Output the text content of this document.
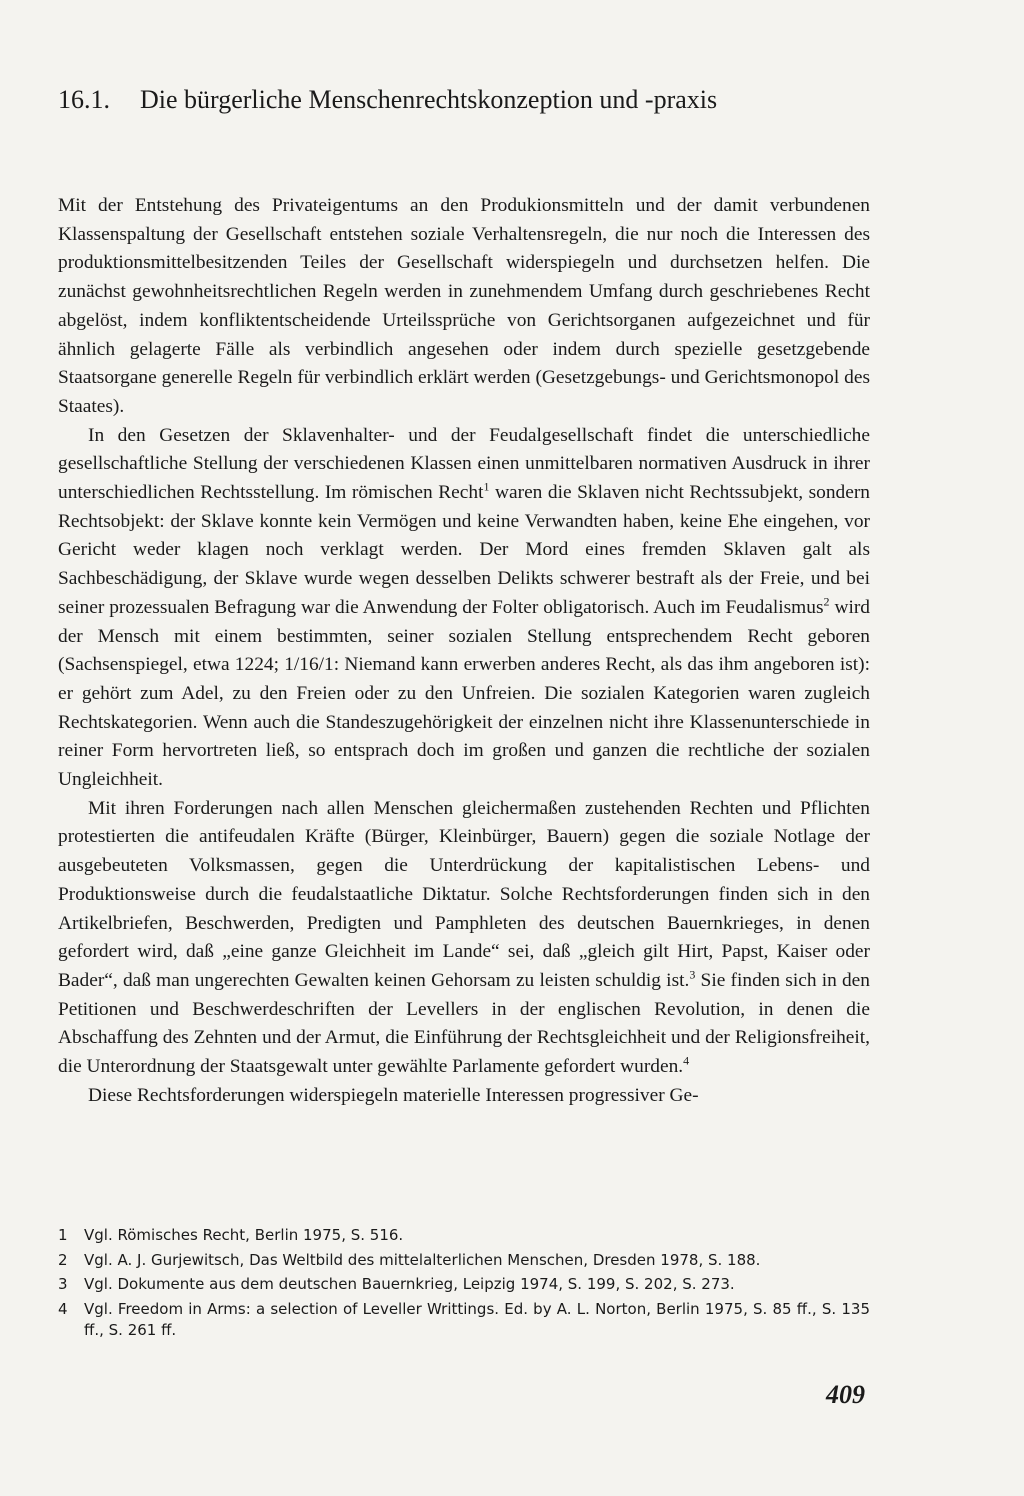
16.1. Die bürgerliche Menschenrechtskonzeption und -praxis

Mit der Entstehung des Privateigentums an den Produkionsmitteln und der damit verbundenen Klassenspaltung der Gesellschaft entstehen soziale Verhaltensregeln, die nur noch die Interessen des produktionsmittelbesitzenden Teiles der Gesellschaft widerspiegeln und durchsetzen helfen. Die zunächst gewohnheitsrechtlichen Regeln werden in zunehmendem Umfang durch geschriebenes Recht abgelöst, indem konfliktentscheidende Urteilssprüche von Gerichtsorganen aufgezeichnet und für ähnlich gelagerte Fälle als verbindlich angesehen oder indem durch spezielle gesetzgebende Staatsorgane generelle Regeln für verbindlich erklärt werden (Gesetzgebungs- und Gerichtsmonopol des Staates).

In den Gesetzen der Sklavenhalter- und der Feudalgesellschaft findet die unterschiedliche gesellschaftliche Stellung der verschiedenen Klassen einen unmittelbaren normativen Ausdruck in ihrer unterschiedlichen Rechtsstellung. Im römischen Recht$^1$ waren die Sklaven nicht Rechtssubjekt, sondern Rechtsobjekt: der Sklave konnte kein Vermögen und keine Verwandten haben, keine Ehe eingehen, vor Gericht weder klagen noch verklagt werden. Der Mord eines fremden Sklaven galt als Sachbeschädigung, der Sklave wurde wegen desselben Delikts schwerer bestraft als der Freie, und bei seiner prozessualen Befragung war die Anwendung der Folter obligatorisch. Auch im Feudalismus$^2$ wird der Mensch mit einem bestimmten, seiner sozialen Stellung entsprechendem Recht geboren (Sachsenspiegel, etwa 1224; 1/16/1: Niemand kann erwerben anderes Recht, als das ihm angeboren ist): er gehört zum Adel, zu den Freien oder zu den Unfreien. Die sozialen Kategorien waren zugleich Rechtskategorien. Wenn auch die Standeszugehörigkeit der einzelnen nicht ihre Klassenunterschiede in reiner Form hervortreten ließ, so entsprach doch im großen und ganzen die rechtliche der sozialen Ungleichheit.

Mit ihren Forderungen nach allen Menschen gleichermaßen zustehenden Rechten und Pflichten protestierten die antifeudalen Kräfte (Bürger, Kleinbürger, Bauern) gegen die soziale Notlage der ausgebeuteten Volksmassen, gegen die Unterdrückung der kapitalistischen Lebens- und Produktionsweise durch die feudalstaatliche Diktatur. Solche Rechtsforderungen finden sich in den Artikelbriefen, Beschwerden, Predigten und Pamphleten des deutschen Bauernkrieges, in denen gefordert wird, daß „eine ganze Gleichheit im Lande“ sei, daß „gleich gilt Hirt, Papst, Kaiser oder Bader“, daß man ungerechten Gewalten keinen Gehorsam zu leisten schuldig ist.$^3$ Sie finden sich in den Petitionen und Beschwerdeschriften der Levellers in der englischen Revolution, in denen die Abschaffung des Zehnten und der Armut, die Einführung der Rechtsgleichheit und der Religionsfreiheit, die Unterordnung der Staatsgewalt unter gewählte Parlamente gefordert wurden.$^4$

Diese Rechtsforderungen widerspiegeln materielle Interessen progressiver Ge-

1	Vgl. Römisches Recht, Berlin 1975, S. 516.
2	Vgl. A. J. Gurjewitsch, Das Weltbild des mittelalterlichen Menschen, Dresden 1978, S. 188.
3	Vgl. Dokumente aus dem deutschen Bauernkrieg, Leipzig 1974, S. 199, S. 202, S. 273.
4	Vgl. Freedom in Arms: a selection of Leveller Writtings. Ed. by A. L. Norton, Berlin 1975, S. 85 ff., S. 135 ff., S. 261 ff.
409
